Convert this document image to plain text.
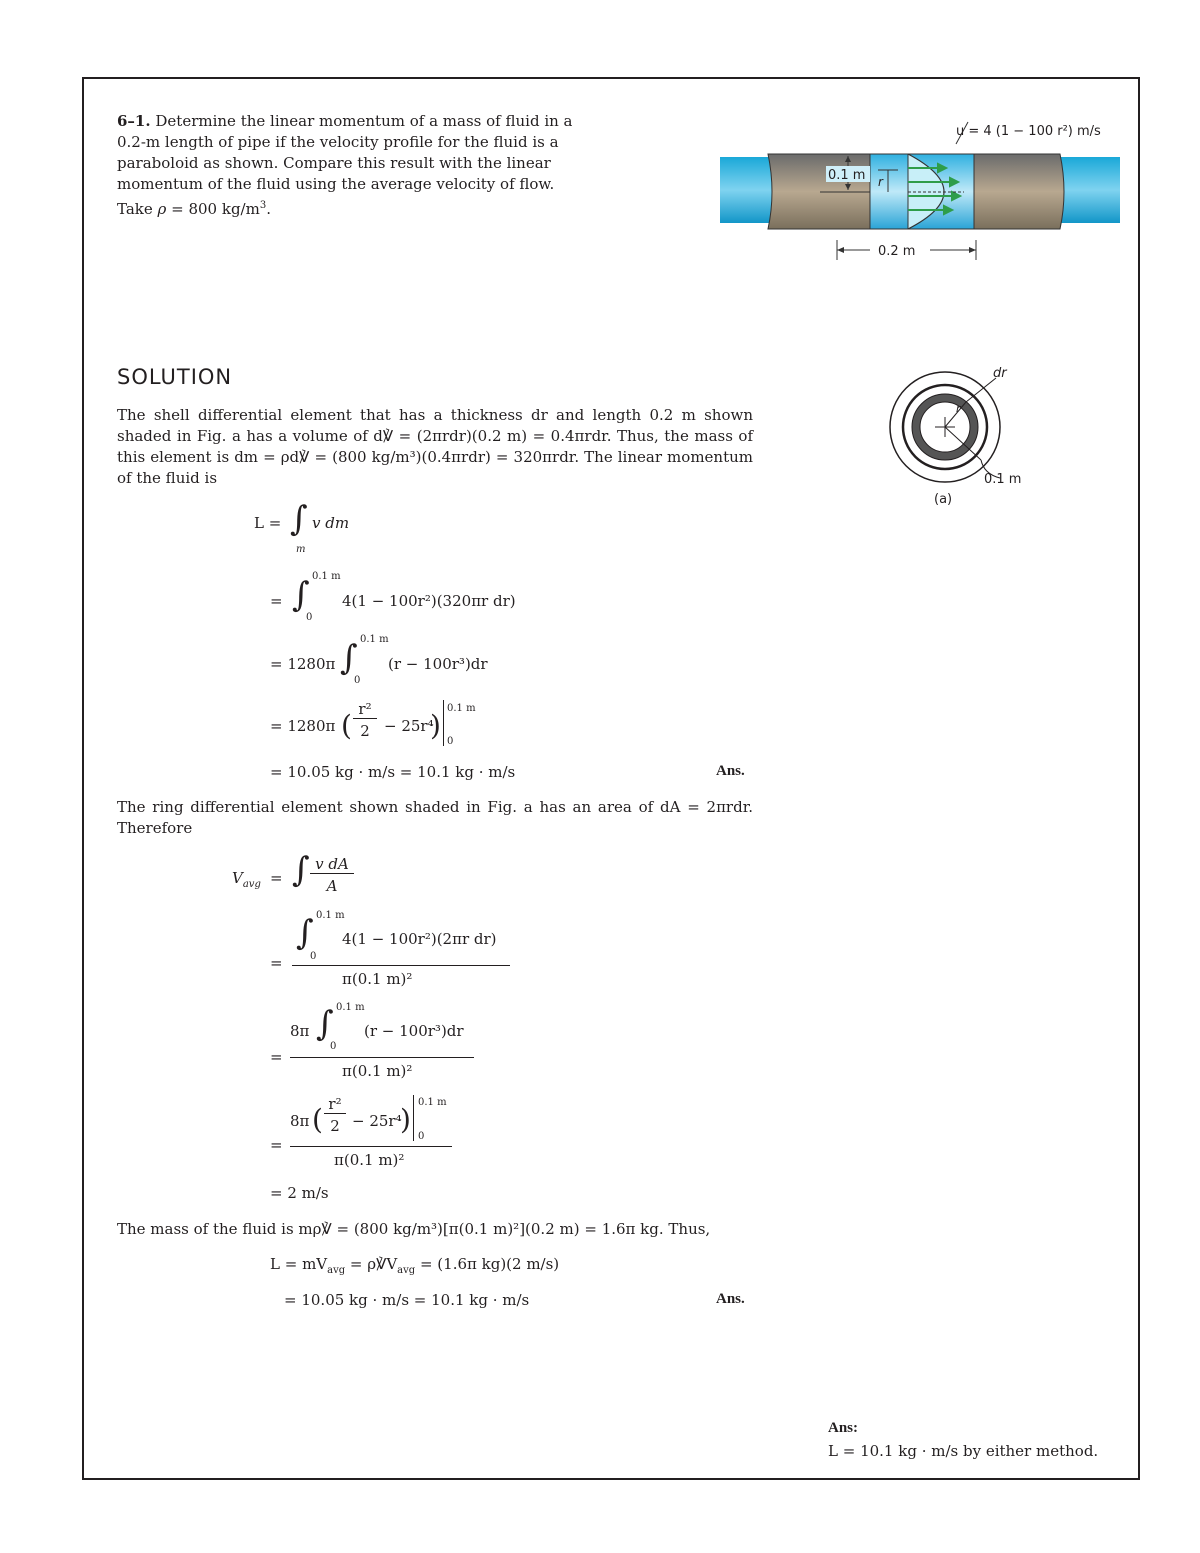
6–1. Determine the linear momentum of a mass of fluid in a 0.2-m length of pipe if the velocity profile for the fluid is a paraboloid as shown. Compare this result with the linear momentum of the fluid using the average velocity of flow. Take ρ = 800 $kg/m^3$.
0.1 m r
u = 4 (1 − 100 r²) m/s
0.2 m
SOLUTION
r
dr
0.1 m
(a)
The shell differential element that has a thickness dr and length 0.2 m shown shaded in Fig. a has a volume of d℣ = (2πrdr)(0.2 m) = 0.4πrdr. Thus, the mass of this element is dm = ρd℣ = (800 kg/m³)(0.4πrdr) = 320πrdr. The linear momentum of the fluid is
L = ∫ v dm
m
= ∫ 0.1 m
0
4(1 − 100r²)(320πr dr)
= 1280π ∫ 0.1 m
0
(r − 100r³)dr
= 1280π ( r²
2 − 25r⁴
)
0.1 m
0
= 10.05 kg · m/s = 10.1 kg · m/s	Ans.
The ring differential element shown shaded in Fig. a has an area of dA = 2πrdr. Therefore
$V_{avg}$ = ∫ v dA
A
=
∫ 0.1 m
0
4(1 − 100r²)(2πr dr)
π(0.1 m)²
=
8π ∫ 0.1 m
0
(r − 100r³)dr
π(0.1 m)²
=
8π ( r²
2 − 25r⁴
)
0.1 m
0
π(0.1 m)²
= 2 m/s
The mass of the fluid is mρ℣ = (800 kg/m³)[π(0.1 m)²](0.2 m) = 1.6π kg. Thus,
$L = mV_{avg}$ = $\rho℣V_{avg} = (1.6\pi$ kg)(2 m/s)
= 10.05 kg · m/s = 10.1 kg · m/s	Ans.
Ans:
L = 10.1 kg · m/s by either method.
